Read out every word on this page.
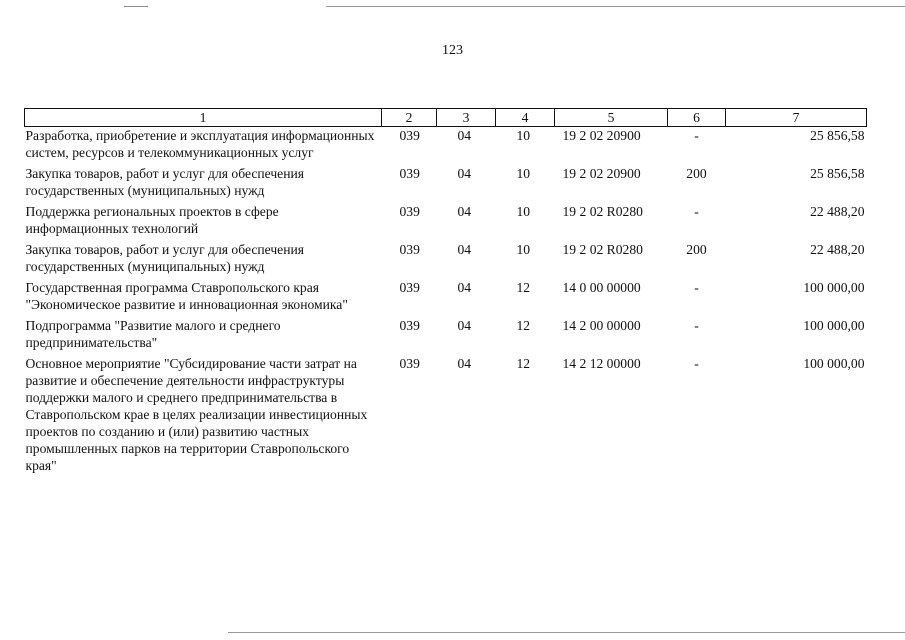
123
1	2	3	4	5	6	7
Разработка, приобретение и эксплуатация информационных систем, ресурсов и телекоммуникационных услуг	039	04	10	19 2 02 20900	-	25 856,58
Закупка товаров, работ и услуг для обеспечения государственных (муниципальных) нужд	039	04	10	19 2 02 20900	200	25 856,58
Поддержка региональных проектов в сфере информационных технологий	039	04	10	19 2 02 R0280	-	22 488,20
Закупка товаров, работ и услуг для обеспечения государственных (муниципальных) нужд	039	04	10	19 2 02 R0280	200	22 488,20
Государственная программа Ставропольского края "Экономическое развитие и инновационная экономика"	039	04	12	14 0 00 00000	-	100 000,00
Подпрограмма "Развитие малого и среднего предпринимательства"	039	04	12	14 2 00 00000	-	100 000,00
Основное мероприятие "Субсидирование части затрат на развитие и обеспечение деятельности инфраструктуры поддержки малого и среднего предпринимательства в Ставропольском крае в целях реализации инвестиционных проектов по созданию и (или) развитию частных промышленных парков на территории Ставропольского края"	039	04	12	14 2 12 00000	-	100 000,00
